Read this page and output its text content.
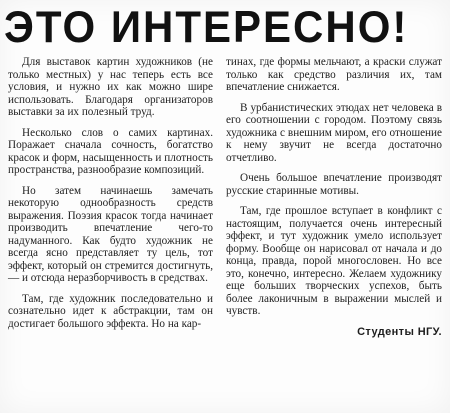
ЭТО ИНТЕРЕСНО!

Для выставок картин художников (не только местных) у нас теперь есть все условия, и нужно их как можно шире использовать. Благодаря организаторов выставки за их полезный труд.

Несколько слов о самих картинах. Поражает сначала сочность, богатство красок и форм, насыщенность и плотность пространства, разнообразие композиций.

Но затем начинаешь замечать некоторую однообразность средств выражения. Поэзия красок тогда начинает производить впечатление чего-то надуманного. Как будто художник не всегда ясно представляет ту цель, тот эффект, который он стремится достигнуть, — и отсюда неразборчивость в средствах.

Там, где художник последовательно и сознательно идет к абстракции, там он достигает большого эффекта. Но на кар-

тинах, где формы мельчают, а краски служат только как средство различия их, там впечатление снижается.

В урбанистических этюдах нет человека в его соотношении с городом. Поэтому связь художника с внешним миром, его отношение к нему звучит не всегда достаточно отчетливо.

Очень большое впечатление производят русские старинные мотивы.

Там, где прошлое вступает в конфликт с настоящим, получается очень интересный эффект, и тут художник умело использует форму. Вообще он нарисовал от начала и до конца, правда, порой многословен. Но все это, конечно, интересно. Желаем художнику еще больших творческих успехов, быть более лаконичным в выражении мыслей и чувств.

Студенты НГУ.
